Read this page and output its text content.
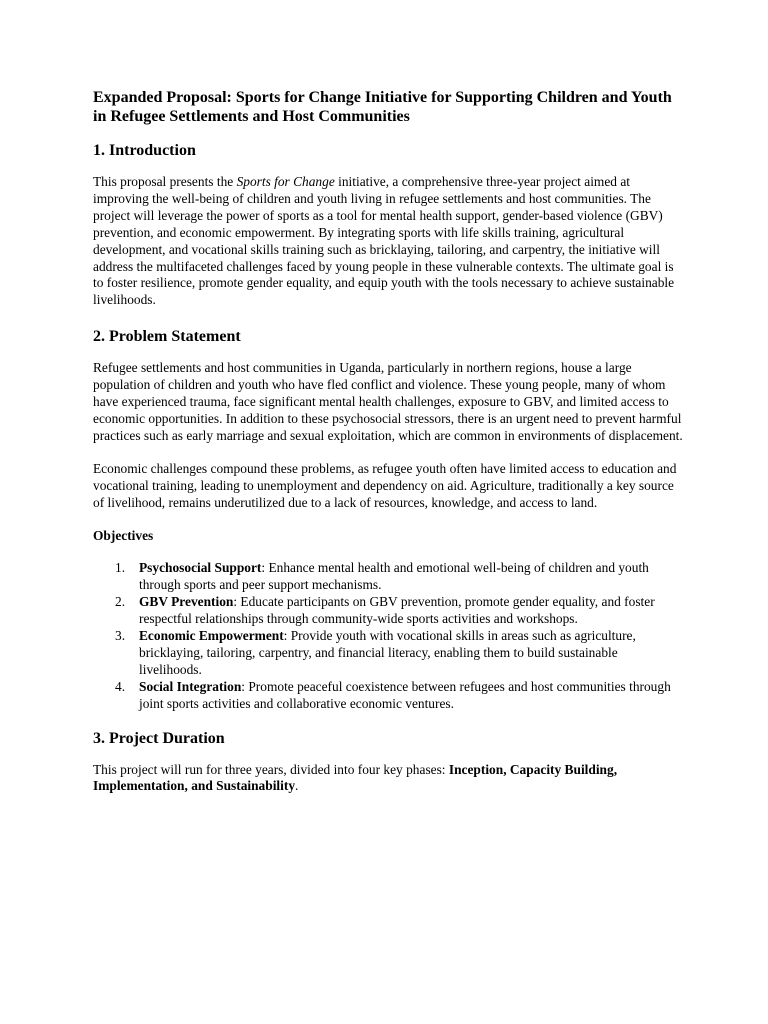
Expanded Proposal: Sports for Change Initiative for Supporting Children and Youth in Refugee Settlements and Host Communities
1. Introduction

This proposal presents the Sports for Change initiative, a comprehensive three-year project aimed at improving the well-being of children and youth living in refugee settlements and host communities. The project will leverage the power of sports as a tool for mental health support, gender-based violence (GBV) prevention, and economic empowerment. By integrating sports with life skills training, agricultural development, and vocational skills training such as bricklaying, tailoring, and carpentry, the initiative will address the multifaceted challenges faced by young people in these vulnerable contexts. The ultimate goal is to foster resilience, promote gender equality, and equip youth with the tools necessary to achieve sustainable livelihoods.

2. Problem Statement

Refugee settlements and host communities in Uganda, particularly in northern regions, house a large population of children and youth who have fled conflict and violence. These young people, many of whom have experienced trauma, face significant mental health challenges, exposure to GBV, and limited access to economic opportunities. In addition to these psychosocial stressors, there is an urgent need to prevent harmful practices such as early marriage and sexual exploitation, which are common in environments of displacement.

Economic challenges compound these problems, as refugee youth often have limited access to education and vocational training, leading to unemployment and dependency on aid. Agriculture, traditionally a key source of livelihood, remains underutilized due to a lack of resources, knowledge, and access to land.

Objectives
1. Psychosocial Support: Enhance mental health and emotional well-being of children and youth through sports and peer support mechanisms.
2. GBV Prevention: Educate participants on GBV prevention, promote gender equality, and foster respectful relationships through community-wide sports activities and workshops.
3. Economic Empowerment: Provide youth with vocational skills in areas such as agriculture, bricklaying, tailoring, carpentry, and financial literacy, enabling them to build sustainable livelihoods.
4. Social Integration: Promote peaceful coexistence between refugees and host communities through joint sports activities and collaborative economic ventures.
3. Project Duration

This project will run for three years, divided into four key phases: Inception, Capacity Building, Implementation, and Sustainability.
